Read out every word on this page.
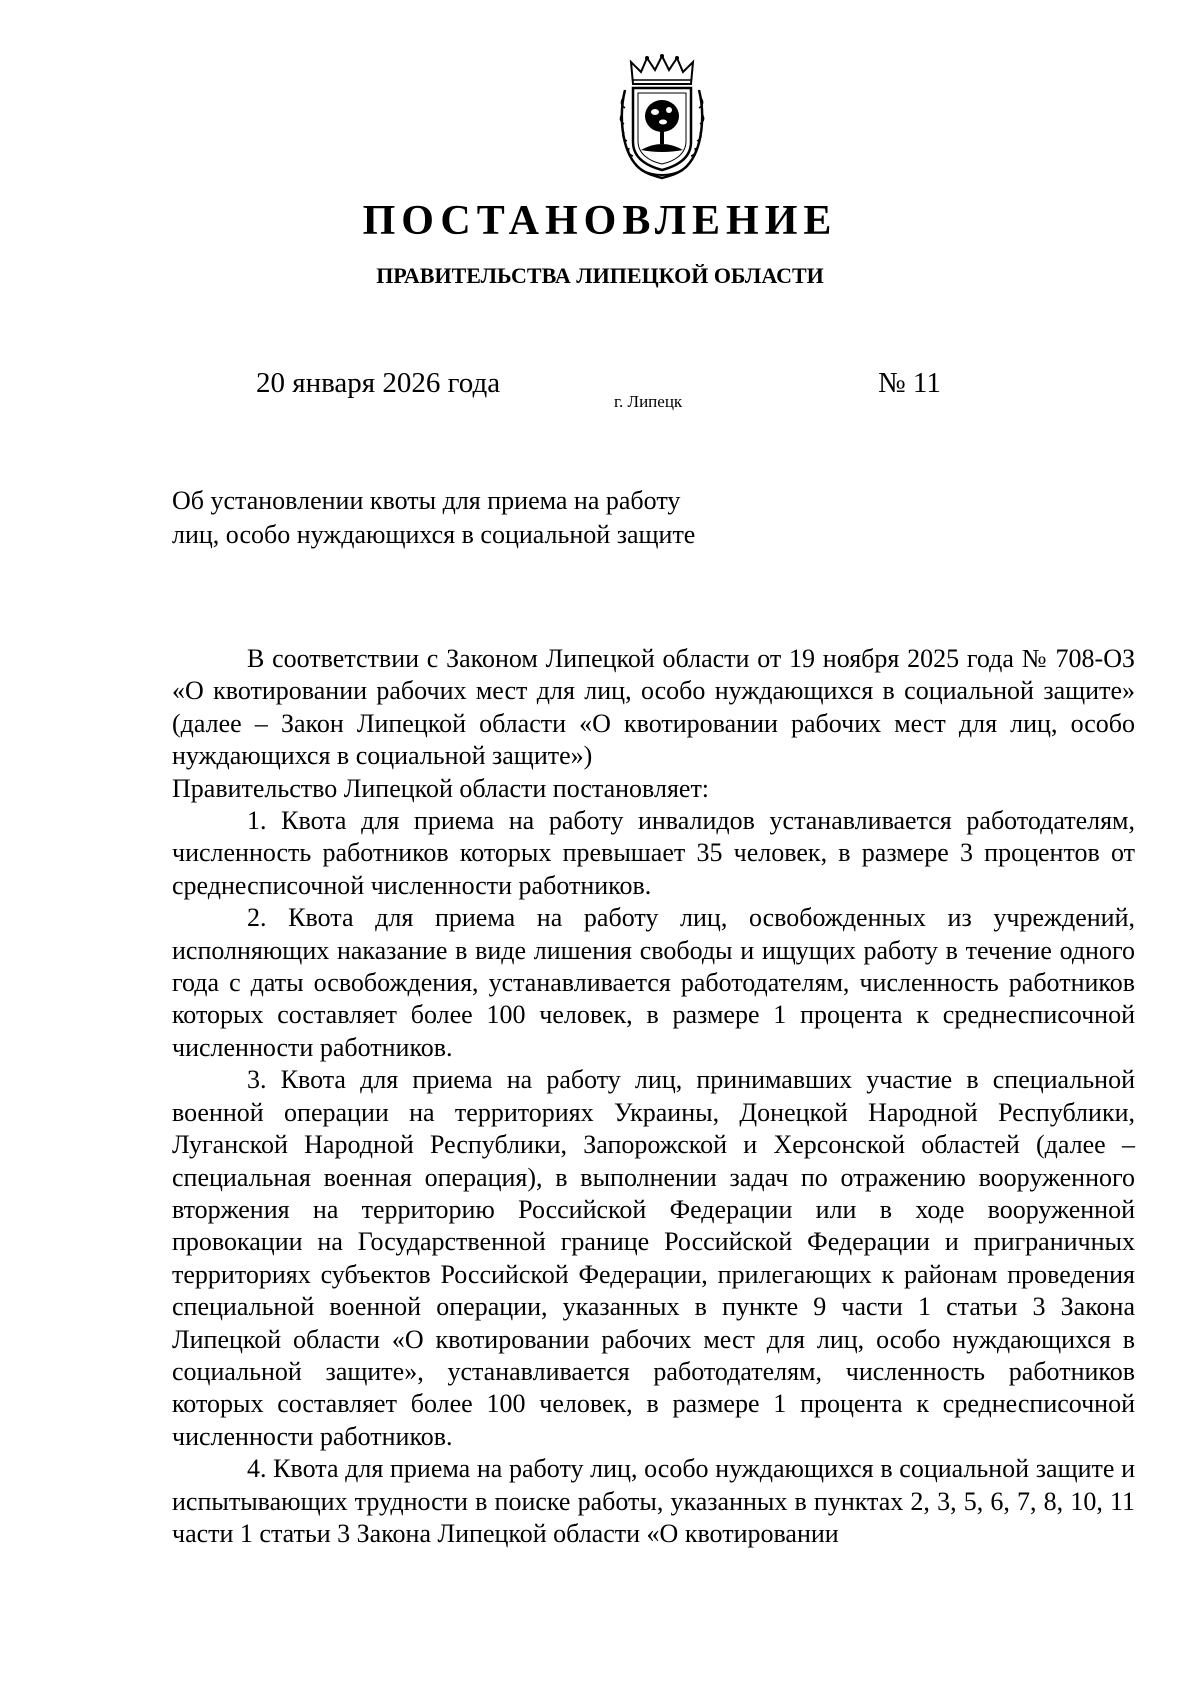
ПОСТАНОВЛЕНИЕ
ПРАВИТЕЛЬСТВА ЛИПЕЦКОЙ ОБЛАСТИ
20 января 2026 года
г. Липецк
№ 11
Об установлении квоты для приема на работу
лиц, особо нуждающихся в социальной защите

В соответствии с Законом Липецкой области от 19 ноября 2025 года № 708-ОЗ «О квотировании рабочих мест для лиц, особо нуждающихся в социальной защите» (далее – Закон Липецкой области «О квотировании рабочих мест для лиц, особо нуждающихся в социальной защите»)

Правительство Липецкой области постановляет:

1. Квота для приема на работу инвалидов устанавливается работодателям, численность работников которых превышает 35 человек, в размере 3 процентов от среднесписочной численности работников.

2. Квота для приема на работу лиц, освобожденных из учреждений, исполняющих наказание в виде лишения свободы и ищущих работу в течение одного года с даты освобождения, устанавливается работодателям, численность работников которых составляет более 100 человек, в размере 1 процента к среднесписочной численности работников.

3. Квота для приема на работу лиц, принимавших участие в специальной военной операции на территориях Украины, Донецкой Народной Республики, Луганской Народной Республики, Запорожской и Херсонской областей (далее – специальная военная операция), в выполнении задач по отражению вооруженного вторжения на территорию Российской Федерации или в ходе вооруженной провокации на Государственной границе Российской Федерации и приграничных территориях субъектов Российской Федерации, прилегающих к районам проведения специальной военной операции, указанных в пункте 9 части 1 статьи 3 Закона Липецкой области «О квотировании рабочих мест для лиц, особо нуждающихся в социальной защите», устанавливается работодателям, численность работников которых составляет более 100 человек, в размере 1 процента к среднесписочной численности работников.

4. Квота для приема на работу лиц, особо нуждающихся в социальной защите и испытывающих трудности в поиске работы, указанных в пунктах 2, 3, 5, 6, 7, 8, 10, 11 части 1 статьи 3 Закона Липецкой области «О квотировании
